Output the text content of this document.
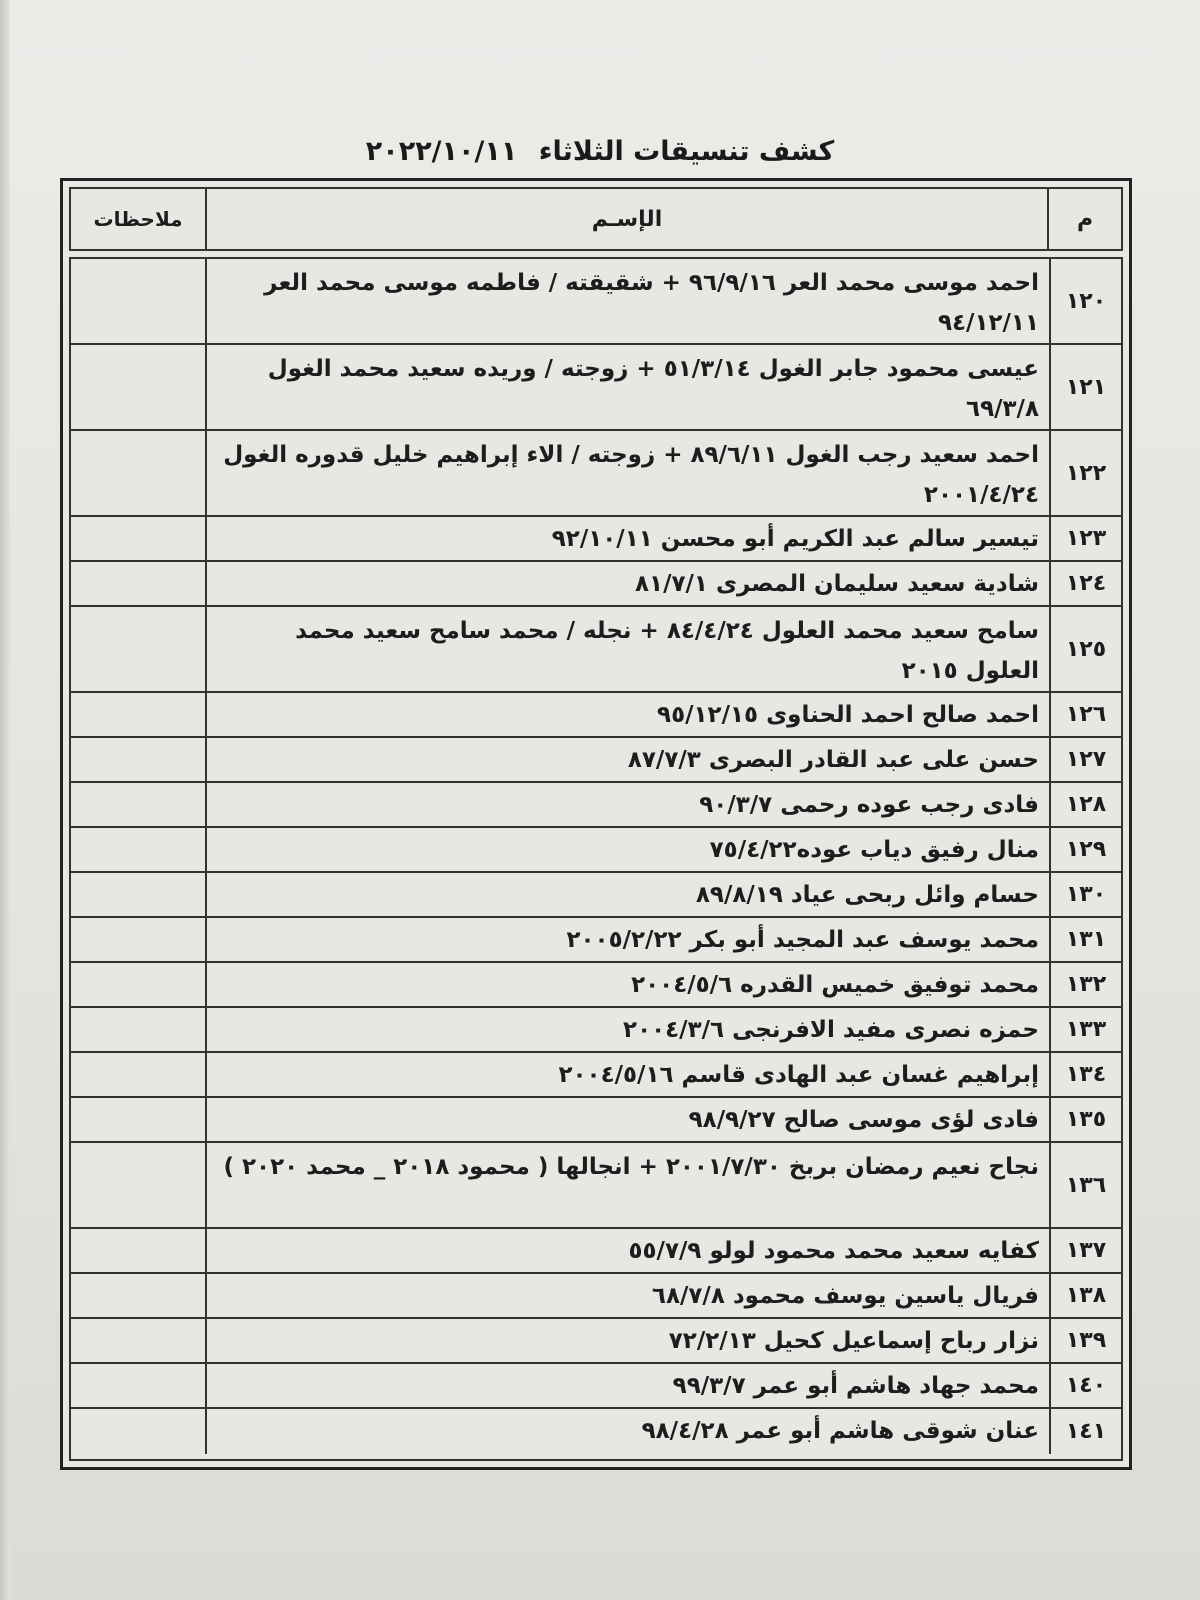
كشف تنسيقات الثلاثاء ٢٠٢٢/١٠/١١
م
الإسـم
ملاحظات
١٢٠
احمد موسى محمد العر ٩٦/٩/١٦ + شقيقته / فاطمه موسى محمد العر ٩٤/١٢/١١
١٢١
عيسى محمود جابر الغول ٥١/٣/١٤ + زوجته / وريده سعيد محمد الغول ٦٩/٣/٨
١٢٢
احمد سعيد رجب الغول ٨٩/٦/١١ + زوجته / الاء إبراهيم خليل قدوره الغول ٢٠٠١/٤/٢٤
١٢٣
تيسير سالم عبد الكريم أبو محسن ٩٢/١٠/١١
١٢٤
شادية سعيد سليمان المصرى ٨١/٧/١
١٢٥
سامح سعيد محمد العلول ٨٤/٤/٢٤ + نجله / محمد سامح سعيد محمد العلول ٢٠١٥
١٢٦
احمد صالح احمد الحناوى ٩٥/١٢/١٥
١٢٧
حسن على عبد القادر البصرى ٨٧/٧/٣
١٢٨
فادى رجب عوده رحمى ٩٠/٣/٧
١٢٩
منال رفيق دياب عوده٧٥/٤/٢٢
١٣٠
حسام وائل ربحى عياد ٨٩/٨/١٩
١٣١
محمد يوسف عبد المجيد أبو بكر ٢٠٠٥/٢/٢٢
١٣٢
محمد توفيق خميس القدره ٢٠٠٤/٥/٦
١٣٣
حمزه نصرى مفيد الافرنجى ٢٠٠٤/٣/٦
١٣٤
إبراهيم غسان عبد الهادى قاسم ٢٠٠٤/٥/١٦
١٣٥
فادى لؤى موسى صالح ٩٨/٩/٢٧
١٣٦
نجاح نعيم رمضان بربخ ٢٠٠١/٧/٣٠ + انجالها ( محمود ٢٠١٨ _ محمد ٢٠٢٠ )
١٣٧
كفايه سعيد محمد محمود لولو ٥٥/٧/٩
١٣٨
فريال ياسين يوسف محمود ٦٨/٧/٨
١٣٩
نزار رباح إسماعيل كحيل ٧٢/٢/١٣
١٤٠
محمد جهاد هاشم أبو عمر ٩٩/٣/٧
١٤١
عنان شوقى هاشم أبو عمر ٩٨/٤/٢٨
